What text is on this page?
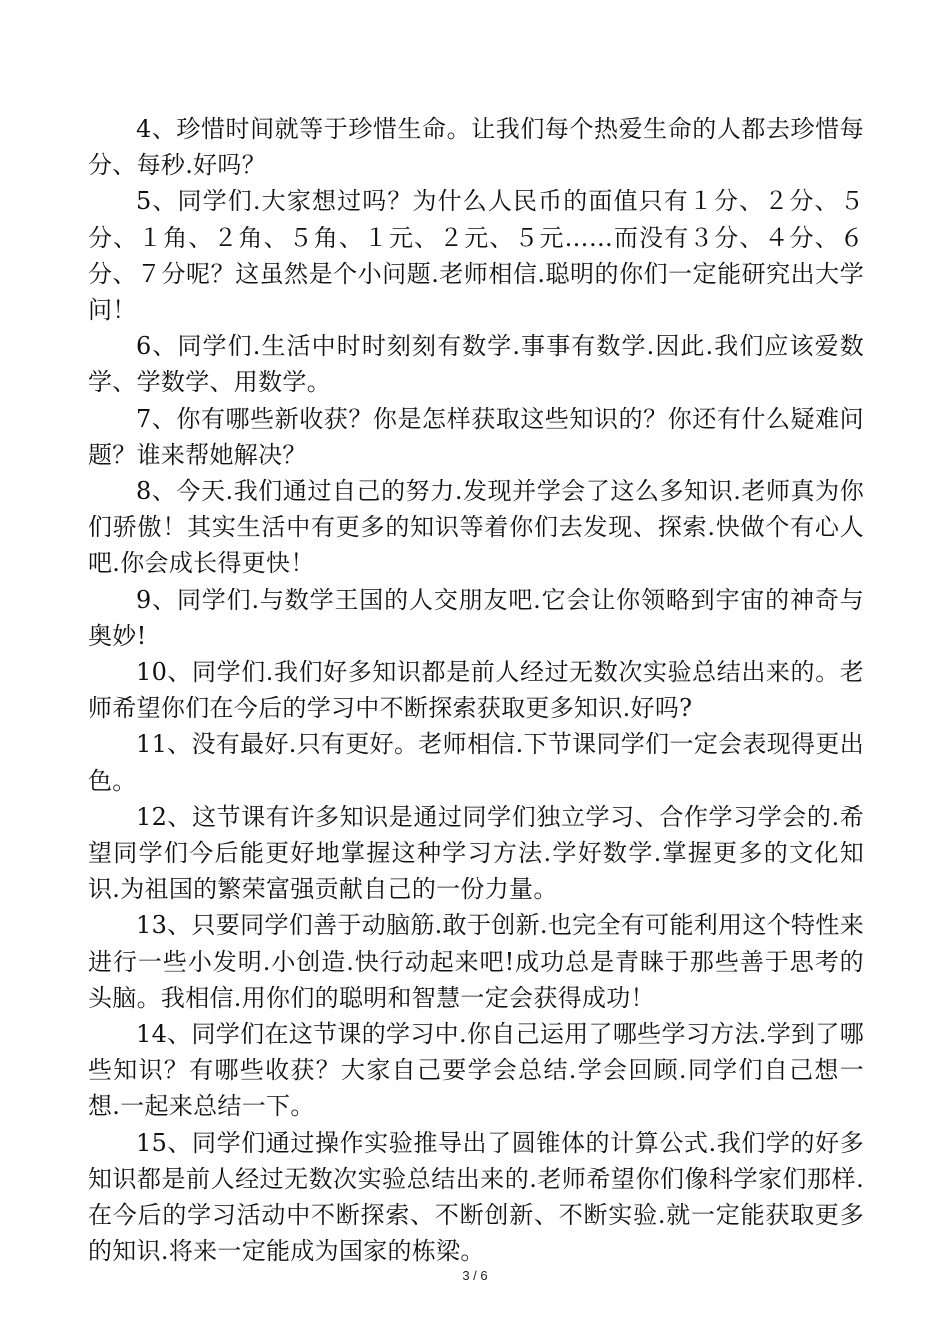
4、珍惜时间就等于珍惜生命。让我们每个热爱生命的人都去珍惜每分、每秒.好吗？

5、同学们.大家想过吗？为什么人民币的面值只有１分、２分、５分、１角、２角、５角、１元、２元、５元……而没有３分、４分、６分、７分呢？这虽然是个小问题.老师相信.聪明的你们一定能研究出大学问！

6、同学们.生活中时时刻刻有数学.事事有数学.因此.我们应该爱数学、学数学、用数学。

7、你有哪些新收获？你是怎样获取这些知识的？你还有什么疑难问题？谁来帮她解决？

8、今天.我们通过自己的努力.发现并学会了这么多知识.老师真为你们骄傲！其实生活中有更多的知识等着你们去发现、探索.快做个有心人吧.你会成长得更快！

9、同学们.与数学王国的人交朋友吧.它会让你领略到宇宙的神奇与奥妙!

10、同学们.我们好多知识都是前人经过无数次实验总结出来的。老师希望你们在今后的学习中不断探索获取更多知识.好吗?

11、没有最好.只有更好。老师相信.下节课同学们一定会表现得更出色。

12、这节课有许多知识是通过同学们独立学习、合作学习学会的.希望同学们今后能更好地掌握这种学习方法.学好数学.掌握更多的文化知识.为祖国的繁荣富强贡献自己的一份力量。

13、只要同学们善于动脑筋.敢于创新.也完全有可能利用这个特性来进行一些小发明.小创造.快行动起来吧!成功总是青睐于那些善于思考的头脑。我相信.用你们的聪明和智慧一定会获得成功！

14、同学们在这节课的学习中.你自己运用了哪些学习方法.学到了哪些知识？有哪些收获？大家自己要学会总结.学会回顾.同学们自己想一想.一起来总结一下。

15、同学们通过操作实验推导出了圆锥体的计算公式.我们学的好多知识都是前人经过无数次实验总结出来的.老师希望你们像科学家们那样.在今后的学习活动中不断探索、不断创新、不断实验.就一定能获取更多的知识.将来一定能成为国家的栋梁。

3 / 6
